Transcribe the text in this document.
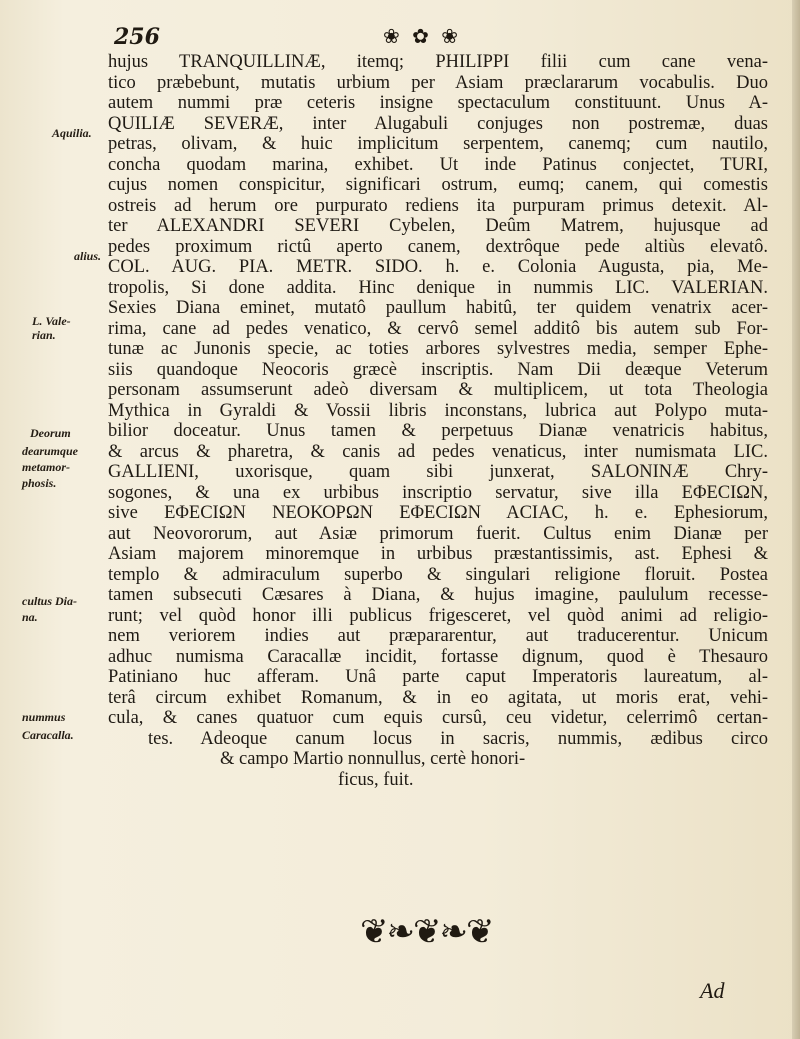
256	❀ ✿ ❀
Aquilia.
alius.
L. Vale-
rian.
Deorum
dearumque
metamor-
phosis.
cultus Dia-
na.
nummus
Caracalla.
hujus TRANQUILLINÆ, itemq; PHILIPPI filii cum cane vena-
tico præbebunt, mutatis urbium per Asiam præclararum vocabulis. Duo
autem nummi præ ceteris insigne spectaculum constituunt. Unus A-
QUILIÆ SEVERÆ, inter Alugabuli conjuges non postremæ, duas
petras, olivam, & huic implicitum serpentem, canemq; cum nautilo,
concha quodam marina, exhibet. Ut inde Patinus conjectet, TURI,
cujus nomen conspicitur, significari ostrum, eumq; canem, qui comestis
ostreis ad herum ore purpurato rediens ita purpuram primus detexit. Al-
ter ALEXANDRI SEVERI Cybelen, Deûm Matrem, hujusque ad
pedes proximum rictû aperto canem, dextrôque pede altiùs elevatô.
COL. AUG. PIA. METR. SIDO. h. e. Colonia Augusta, pia, Me-
tropolis, Si done addita. Hinc denique in nummis LIC. VALERIAN.
Sexies Diana eminet, mutatô paullum habitû, ter quidem venatrix acer-
rima, cane ad pedes venatico, & cervô semel additô bis autem sub For-
tunæ ac Junonis specie, ac toties arbores sylvestres media, semper Ephe-
siis quandoque Neocoris græcè inscriptis. Nam Dii deæque Veterum
personam assumserunt adeò diversam & multiplicem, ut tota Theologia
Mythica in Gyraldi & Vossii libris inconstans, lubrica aut Polypo muta-
bilior doceatur. Unus tamen & perpetuus Dianæ venatricis habitus,
& arcus & pharetra, & canis ad pedes venaticus, inter numismata LIC.
GALLIENI, uxorisque, quam sibi junxerat, SALONINÆ Chry-
sogones, & una ex urbibus inscriptio servatur, sive illa ΕΦΕϹΙΩΝ,
sive ΕΦΕϹΙΩΝ ΝΕΟΚΟΡΩΝ ΕΦΕϹΙΩΝ ΑϹΙΑϹ, h. e. Ephesiorum,
aut Neovororum, aut Asiæ primorum fuerit. Cultus enim Dianæ per
Asiam majorem minoremque in urbibus præstantissimis, ast. Ephesi &
templo & admiraculum superbo & singulari religione floruit. Postea
tamen subsecuti Cæsares à Diana, & hujus imagine, paululum recesse-
runt; vel quòd honor illi publicus frigesceret, vel quòd animi ad religio-
nem veriorem indies aut præpararentur, aut traducerentur. Unicum
adhuc numisma Caracallæ incidit, fortasse dignum, quod è Thesauro
Patiniano huc afferam. Unâ parte caput Imperatoris laureatum, al-
terâ circum exhibet Romanum, & in eo agitata, ut moris erat, vehi-
cula, & canes quatuor cum equis cursû, ceu videtur, celerrimô certan-
tes. Adeoque canum locus in sacris, nummis, ædibus circo
& campo Martio nonnullus, certè honori-
ficus, fuit.
❦❧❦❧❦
Ad
